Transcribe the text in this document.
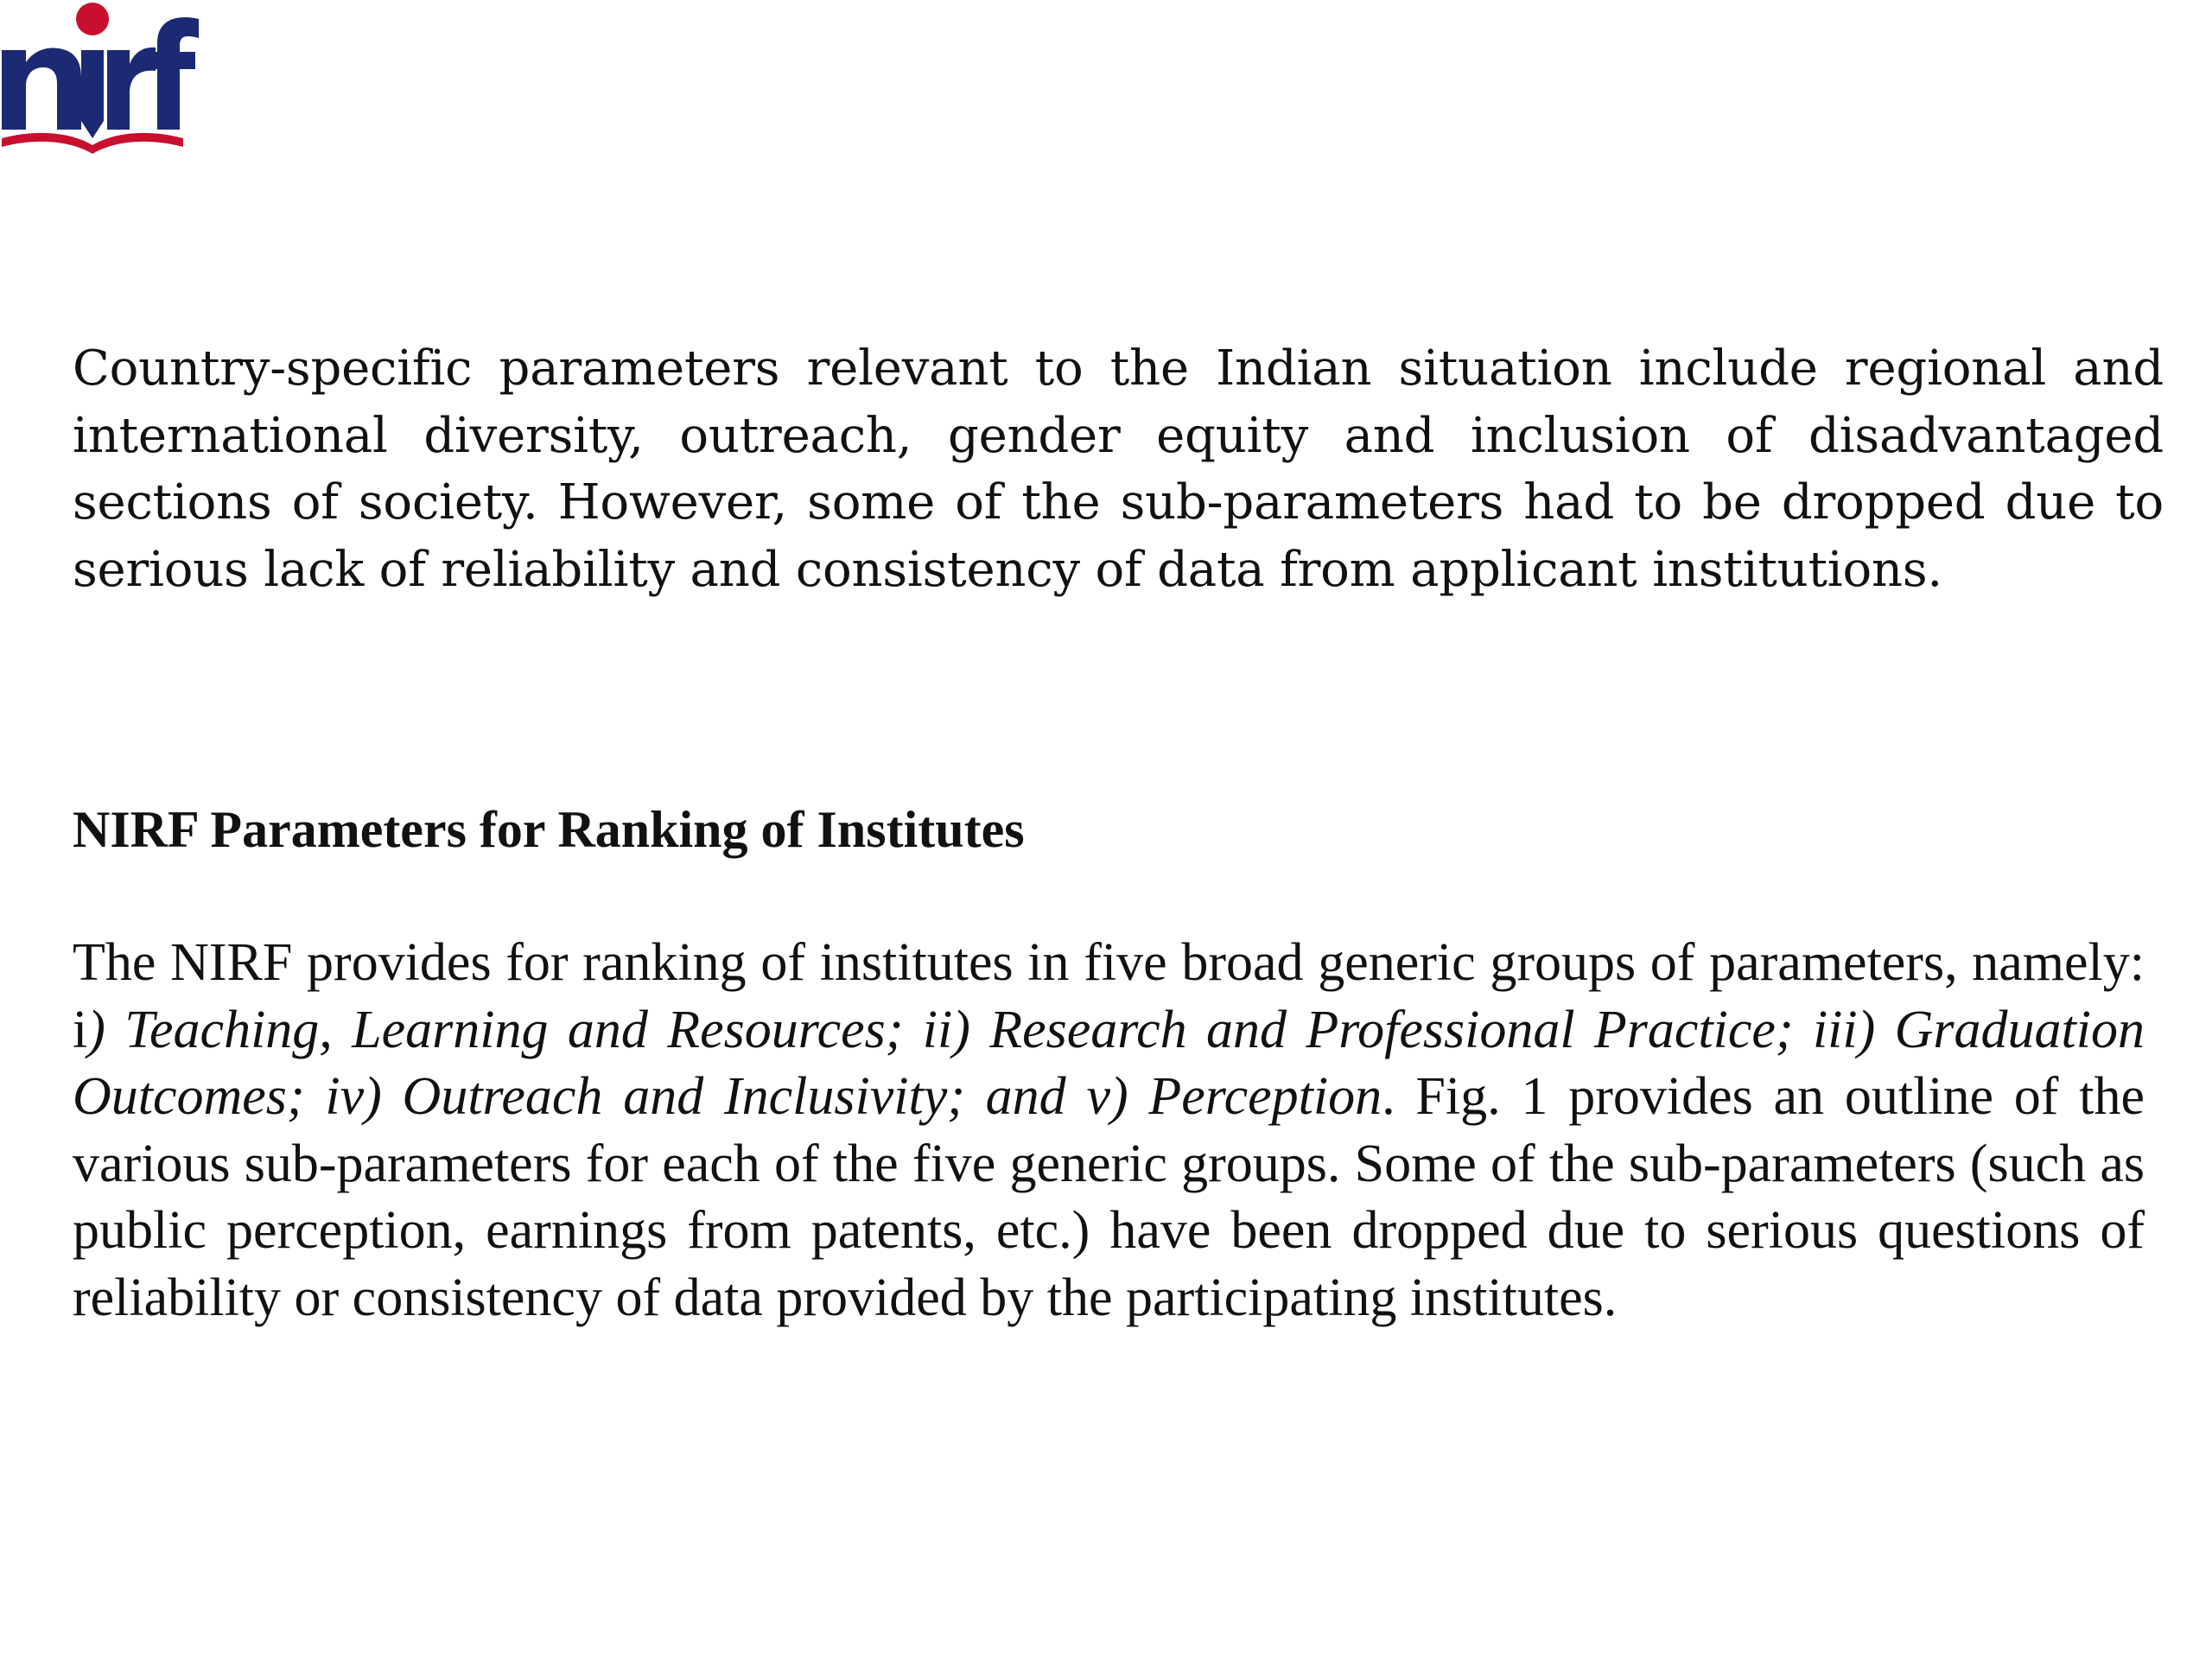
Country-specific parameters relevant to the Indian situation include regional and international diversity, outreach, gender equity and inclusion of disadvantaged sections of society. However, some of the sub-parameters had to be dropped due to serious lack of reliability and consistency of data from applicant institutions.

NIRF Parameters for Ranking of Institutes

The NIRF provides for ranking of institutes in five broad generic groups of parameters, namely: i) Teaching, Learning and Resources; ii) Research and Professional Practice; iii) Graduation Outcomes; iv) Outreach and Inclusivity; and v) Perception. Fig. 1 provides an outline of the various sub-parameters for each of the five generic groups. Some of the sub-parameters (such as public perception, earnings from patents, etc.) have been dropped due to serious questions of reliability or consistency of data provided by the participating institutes.
